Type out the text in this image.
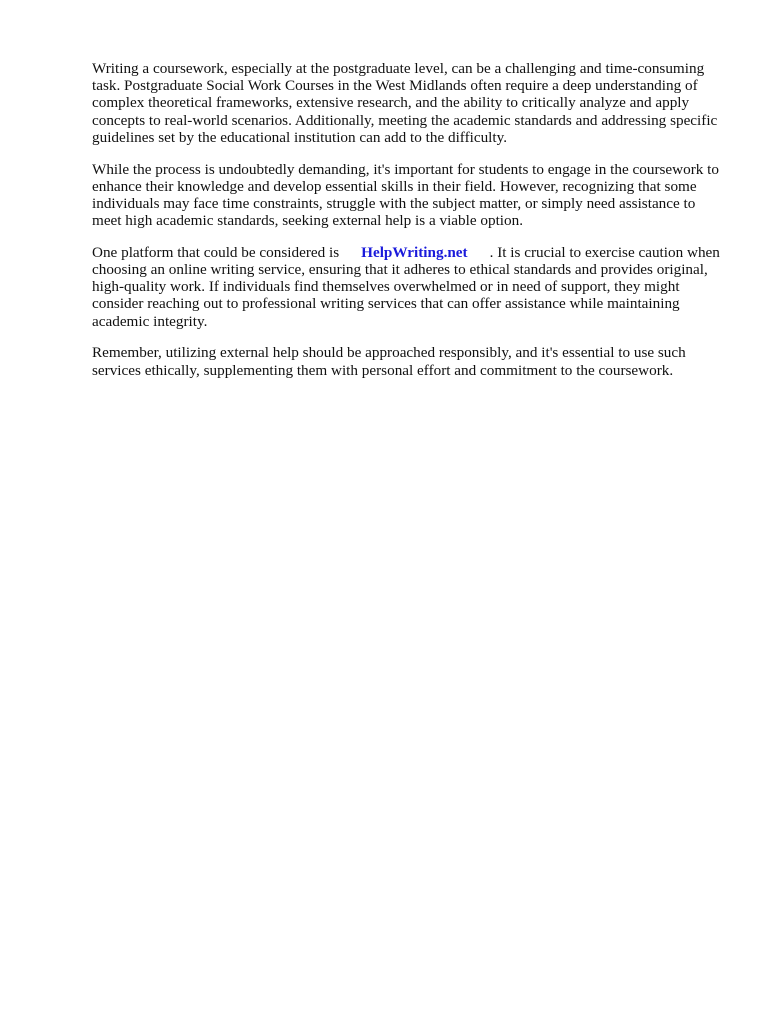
Writing a coursework, especially at the postgraduate level, can be a challenging and time-consuming task. Postgraduate Social Work Courses in the West Midlands often require a deep understanding of complex theoretical frameworks, extensive research, and the ability to critically analyze and apply concepts to real-world scenarios. Additionally, meeting the academic standards and addressing specific guidelines set by the educational institution can add to the difficulty.

While the process is undoubtedly demanding, it's important for students to engage in the coursework to enhance their knowledge and develop essential skills in their field. However, recognizing that some individuals may face time constraints, struggle with the subject matter, or simply need assistance to meet high academic standards, seeking external help is a viable option.

One platform that could be considered is HelpWriting.net . It is crucial to exercise caution when choosing an online writing service, ensuring that it adheres to ethical standards and provides original, high-quality work. If individuals find themselves overwhelmed or in need of support, they might consider reaching out to professional writing services that can offer assistance while maintaining academic integrity.

Remember, utilizing external help should be approached responsibly, and it's essential to use such services ethically, supplementing them with personal effort and commitment to the coursework.
